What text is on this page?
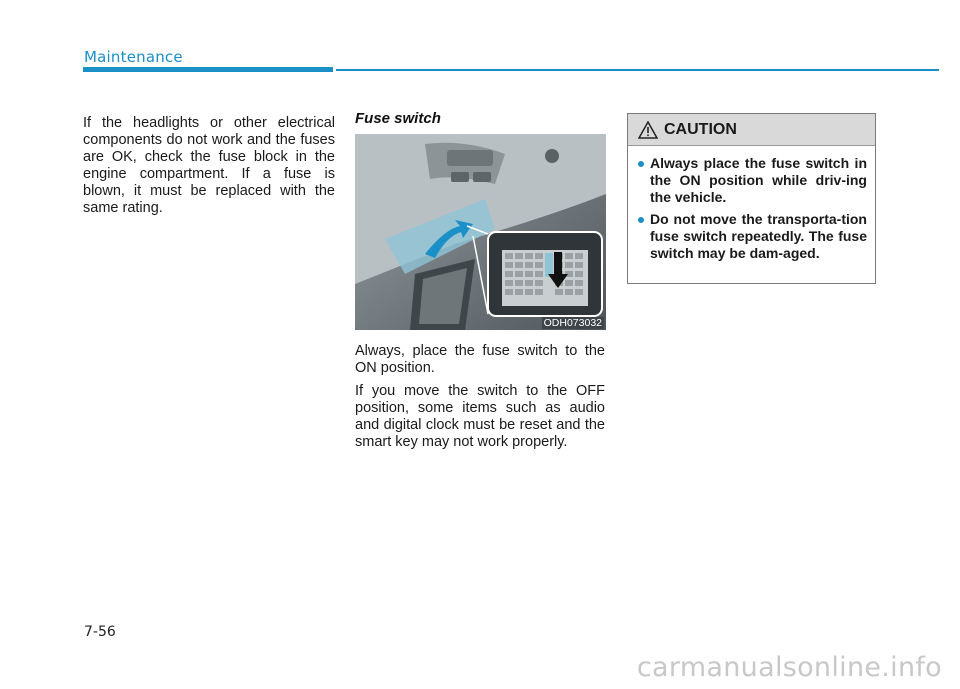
Maintenance
If the headlights or other electrical components do not work and the fuses are OK, check the fuse block in the engine compartment. If a fuse is blown, it must be replaced with the same rating.
Fuse switch
ODH073032

Always, place the fuse switch to the ON position.

If you move the switch to the OFF position, some items such as audio and digital clock must be reset and the smart key may not work properly.

CAUTION
Always place the fuse switch in the ON position while driv-ing the vehicle.
Do not move the transporta-tion fuse switch repeatedly. The fuse switch may be dam-aged.
7-56
carmanualsonline.info
